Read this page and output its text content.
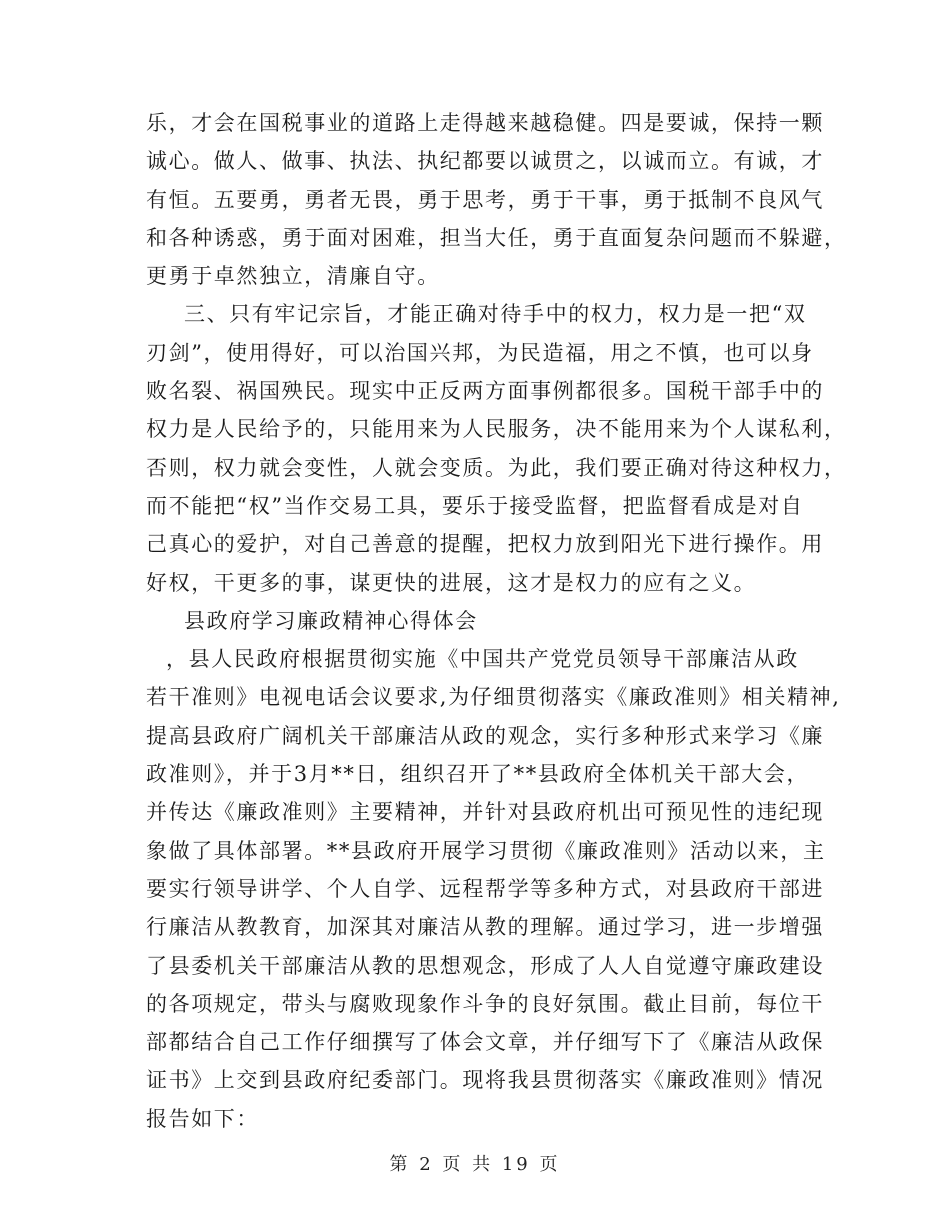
乐，才会在国税事业的道路上走得越来越稳健。四是要诚，保持一颗
诚心。做人、做事、执法、执纪都要以诚贯之，以诚而立。有诚，才
有恒。五要勇，勇者无畏，勇于思考，勇于干事，勇于抵制不良风气
和各种诱惑，勇于面对困难，担当大任，勇于直面复杂问题而不躲避，
更勇于卓然独立，清廉自守。
三、只有牢记宗旨，才能正确对待手中的权力，权力是一把“双
刃剑”，使用得好，可以治国兴邦，为民造福，用之不慎，也可以身
败名裂、祸国殃民。现实中正反两方面事例都很多。国税干部手中的
权力是人民给予的，只能用来为人民服务，决不能用来为个人谋私利，
否则，权力就会变性，人就会变质。为此，我们要正确对待这种权力，
而不能把“权”当作交易工具，要乐于接受监督，把监督看成是对自
己真心的爱护，对自己善意的提醒，把权力放到阳光下进行操作。用
好权，干更多的事，谋更快的进展，这才是权力的应有之义。
县政府学习廉政精神心得体会
，县人民政府根据贯彻实施《中国共产党党员领导干部廉洁从政
若干准则》电视电话会议要求,为仔细贯彻落实《廉政准则》相关精神,
提高县政府广阔机关干部廉洁从政的观念，实行多种形式来学习《廉
政准则》，并于3月**日，组织召开了**县政府全体机关干部大会，
并传达《廉政准则》主要精神，并针对县政府机出可预见性的违纪现
象做了具体部署。**县政府开展学习贯彻《廉政准则》活动以来，主
要实行领导讲学、个人自学、远程帮学等多种方式，对县政府干部进
行廉洁从教教育，加深其对廉洁从教的理解。通过学习，进一步增强
了县委机关干部廉洁从教的思想观念，形成了人人自觉遵守廉政建设
的各项规定，带头与腐败现象作斗争的良好氛围。截止目前，每位干
部都结合自己工作仔细撰写了体会文章，并仔细写下了《廉洁从政保
证书》上交到县政府纪委部门。现将我县贯彻落实《廉政准则》情况
报告如下：
第 2 页 共 19 页
